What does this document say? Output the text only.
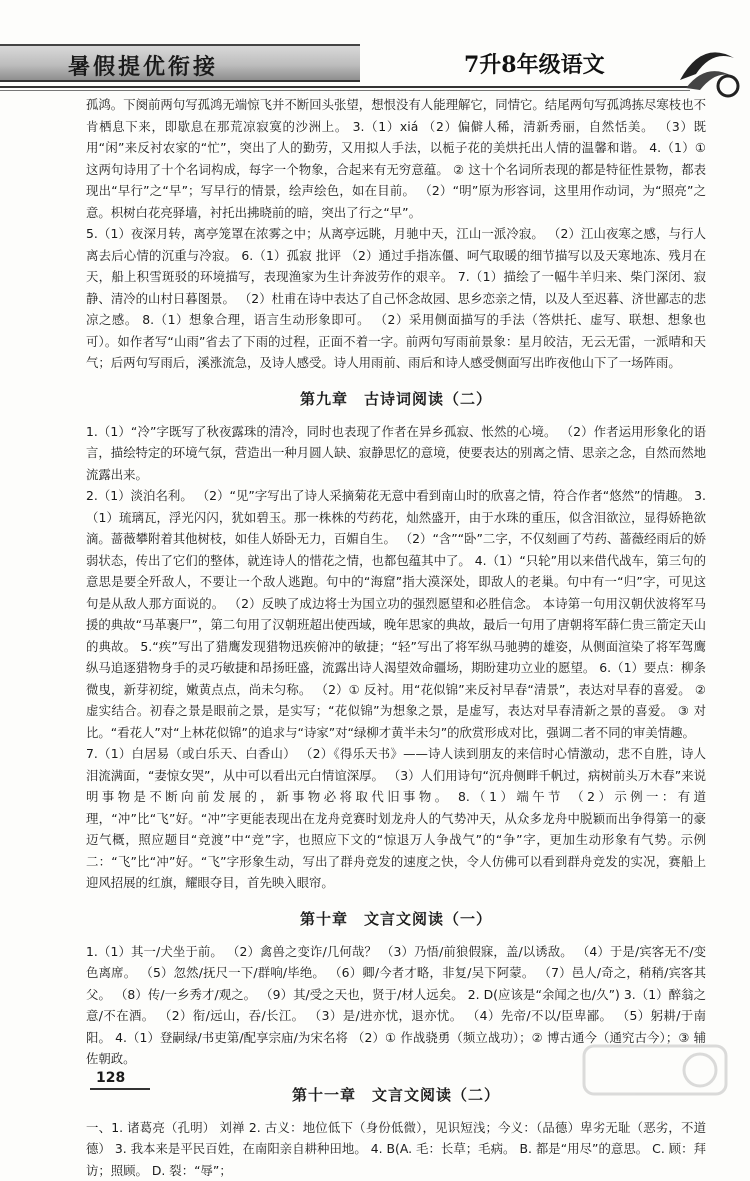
暑假提优衔接	7升8年级语文

孤鸿。下阕前两句写孤鸿无端惊飞并不断回头张望，想恨没有人能理解它，同情它。结尾两句写孤鸿拣尽寒枝也不肯栖息下来，即歇息在那荒凉寂寞的沙洲上。 3.（1）xiá （2）偏僻人稀，清新秀丽，自然恬美。 （3）既用“闲”来反衬农家的“忙”，突出了人的勤劳，又用拟人手法，以栀子花的美烘托出人情的温馨和谐。 4.（1）① 这两句诗用了十个名词构成，每字一个物象，合起来有无穷意蕴。 ② 这十个名词所表现的都是特征性景物，都表现出“早行”之“早”；写早行的情景，绘声绘色，如在目前。 （2）“明”原为形容词，这里用作动词，为“照亮”之意。枳树白花亮驿墙，衬托出拂晓前的暗，突出了行之“早”。

5.（1）夜深月转，离亭笼罩在浓雾之中；从离亭远眺，月驰中天，江山一派冷寂。 （2）江山夜寒之感，与行人离去后心情的沉重与冷寂。 6.（1）孤寂 批评 （2）通过手指冻僵、呵气取暖的细节描写以及天寒地冻、残月在天，船上积雪斑驳的环境描写，表现渔家为生计奔波劳作的艰辛。 7.（1）描绘了一幅牛羊归来、柴门深闭、寂静、清冷的山村日暮图景。 （2）杜甫在诗中表达了自己怀念故园、思乡恋亲之情，以及人至迟暮、济世鄙志的悲凉之感。 8.（1）想象合理，语言生动形象即可。 （2）采用侧面描写的手法（答烘托、虚写、联想、想象也可）。如作者写“山雨”省去了下雨的过程，正面不着一字。前两句写雨前景象：星月皎洁，无云无雷，一派晴和天气；后两句写雨后，溪涨流急，及诗人感受。诗人用雨前、雨后和诗人感受侧面写出昨夜他山下了一场阵雨。

第九章　古诗词阅读（二）

1.（1）“冷”字既写了秋夜露珠的清冷，同时也表现了作者在异乡孤寂、怅然的心境。 （2）作者运用形象化的语言，描绘特定的环境气氛，营造出一种月圆人缺、寂静思忆的意境，使要表达的别离之情、思亲之念，自然而然地流露出来。

2.（1）淡泊名利。 （2）“见”字写出了诗人采摘菊花无意中看到南山时的欣喜之情，符合作者“悠然”的情趣。 3.（1）琉璃瓦，浮光闪闪，犹如碧玉。那一株株的芍药花，灿然盛开，由于水珠的重压，似含泪欲泣，显得娇艳欲滴。蔷薇攀附着其他树枝，如佳人娇卧无力，百媚自生。 （2）“含”“卧”二字，不仅刻画了芍药、蔷薇经雨后的娇弱状态，传出了它们的整体，就连诗人的惜花之情，也都包蕴其中了。 4.（1）“只轮”用以来借代战车，第三句的意思是要全歼敌人，不要让一个敌人逃跑。句中的“海窟”指大漠深处，即敌人的老巢。句中有一“归”字，可见这句是从敌人那方面说的。 （2）反映了成边将士为国立功的强烈愿望和必胜信念。 本诗第一句用汉朝伏波将军马援的典故“马革裹尸”，第二句用了汉朝班超出使西域，晚年思家的典故，最后一句用了唐朝将军薛仁贵三箭定天山的典故。 5.“疾”写出了猎鹰发现猎物迅疾俯冲的敏捷；“轻”写出了将军纵马驰骋的雄姿，从侧面渲染了将军驾鹰纵马追逐猎物身手的灵巧敏捷和昂扬旺盛，流露出诗人渴望效命疆场，期盼建功立业的愿望。 6.（1）要点：柳条微曳，新芽初绽，嫩黄点点，尚未匀称。 （2）① 反衬。用“花似锦”来反衬早春“清景”，表达对早春的喜爱。 ② 虚实结合。初春之景是眼前之景，是实写；“花似锦”为想象之景，是虚写，表达对早春清新之景的喜爱。 ③ 对比。“看花人”对“上林花似锦”的追求与“诗家”对“绿柳才黄半未匀”的欣赏形成对比，强调二者不同的审美情趣。

7.（1）白居易（或白乐天、白香山） （2）《得乐天书》——诗人读到朋友的来信时心情激动，悲不自胜，诗人泪流满面，“妻惊女哭”，从中可以看出元白情谊深厚。 （3）人们用诗句“沉舟侧畔千帆过，病树前头万木春”来说明事物是不断向前发展的，新事物必将取代旧事物。 8.（1）端午节 （2）示例一：有道理，“冲”比“飞”好。“冲”字更能表现出在龙舟竞赛时划龙舟人的气势冲天，从众多龙舟中脱颖而出争得第一的豪迈气概，照应题目“竞渡”中“竞”字，也照应下文的“惊退万人争战气”的“争”字，更加生动形象有气势。示例二：“飞”比“冲”好。“飞”字形象生动，写出了群舟竞发的速度之快，令人仿佛可以看到群舟竞发的实况，赛船上迎风招展的红旗，耀眼夺目，首先映入眼帘。

第十章　文言文阅读（一）

1.（1）其一/犬坐于前。 （2）禽兽之变诈/几何哉？ （3）乃悟/前狼假寐，盖/以诱敌。 （4）于是/宾客无不/变色离席。 （5）忽然/抚尺一下/群响/毕绝。 （6）卿/今者才略，非复/吴下阿蒙。 （7）邑人/奇之，稍稍/宾客其父。 （8）传/一乡秀才/观之。 （9）其/受之天也，贤于/材人远矣。 2. D(应该是“余闻之也/久”) 3.（1）醉翁之意/不在酒。 （2）衔/远山，吞/长江。 （3）是/进亦忧，退亦忧。 （4）先帝/不以/臣卑鄙。 （5）躬耕/于南阳。 4.（1）登嗣绿/书吏第/配享宗庙/为宋名将 （2）① 作战骁勇（频立战功）；② 博古通今（通究古今）；③ 辅佐朝政。

第十一章　文言文阅读（二）

一、1. 诸葛亮（孔明） 刘禅 2. 古义：地位低下（身份低微），见识短浅；今义：（品德）卑劣无耻（恶劣，不道德） 3. 我本来是平民百姓，在南阳亲自耕种田地。 4. B(A. 毛：长草；毛病。 B. 都是“用尽”的意思。 C. 顾：拜访；照顾。 D. 裂：“辱”；

128
